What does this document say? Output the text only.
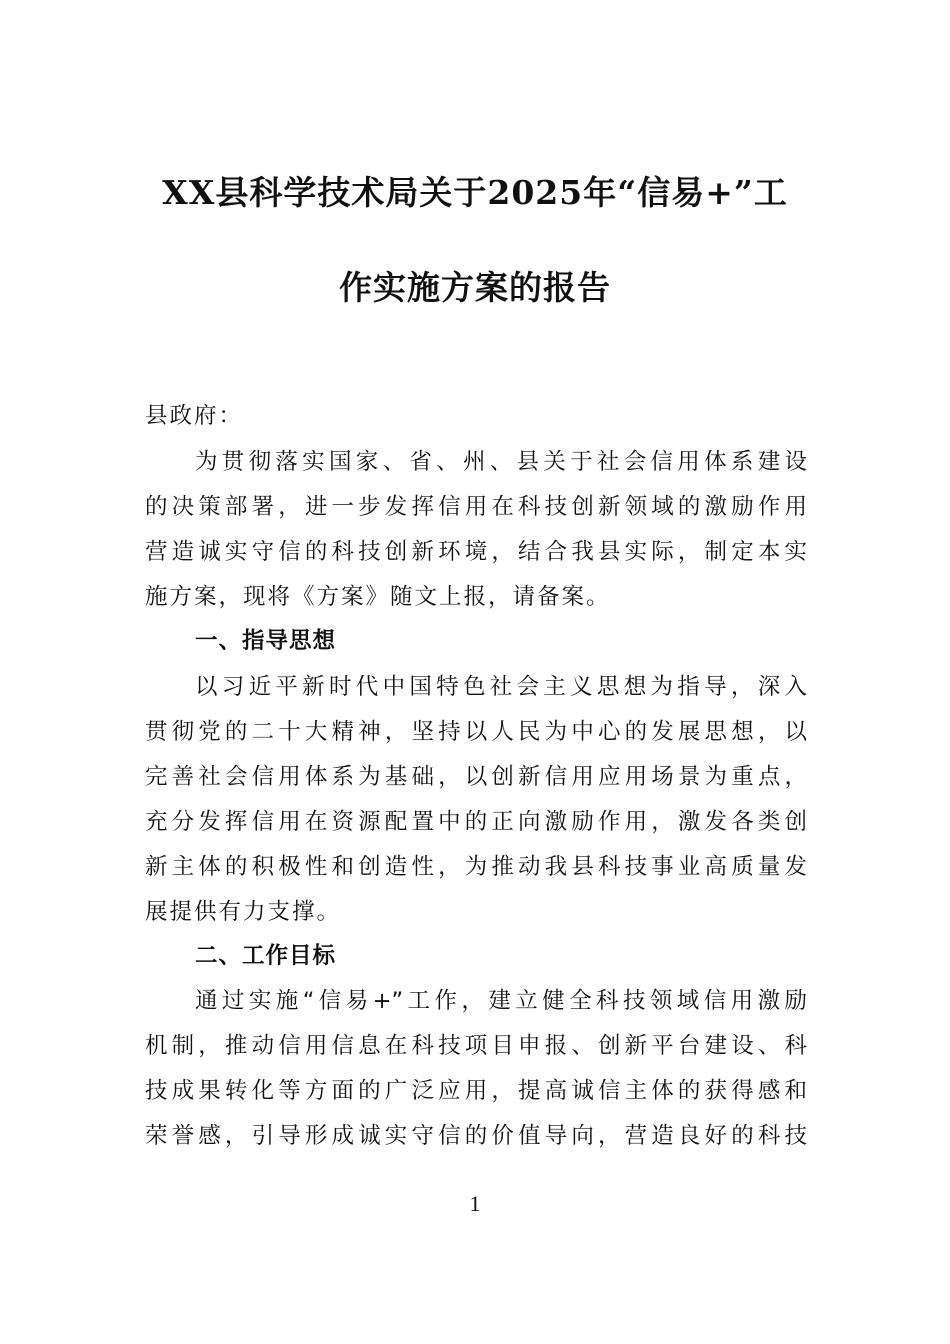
XX县科学技术局关于2025年“信易+”工
作实施方案的报告
县政府：
为贯彻落实国家、省、州、县关于社会信用体系建设
的决策部署，进一步发挥信用在科技创新领域的激励作用
营造诚实守信的科技创新环境，结合我县实际，制定本实
施方案，现将《方案》随文上报，请备案。
一、指导思想
以习近平新时代中国特色社会主义思想为指导，深入
贯彻党的二十大精神，坚持以人民为中心的发展思想，以
完善社会信用体系为基础，以创新信用应用场景为重点，
充分发挥信用在资源配置中的正向激励作用，激发各类创
新主体的积极性和创造性，为推动我县科技事业高质量发
展提供有力支撑。
二、工作目标
通过实施“信易+”工作，建立健全科技领域信用激励
机制，推动信用信息在科技项目申报、创新平台建设、科
技成果转化等方面的广泛应用，提高诚信主体的获得感和
荣誉感，引导形成诚实守信的价值导向，营造良好的科技
1
